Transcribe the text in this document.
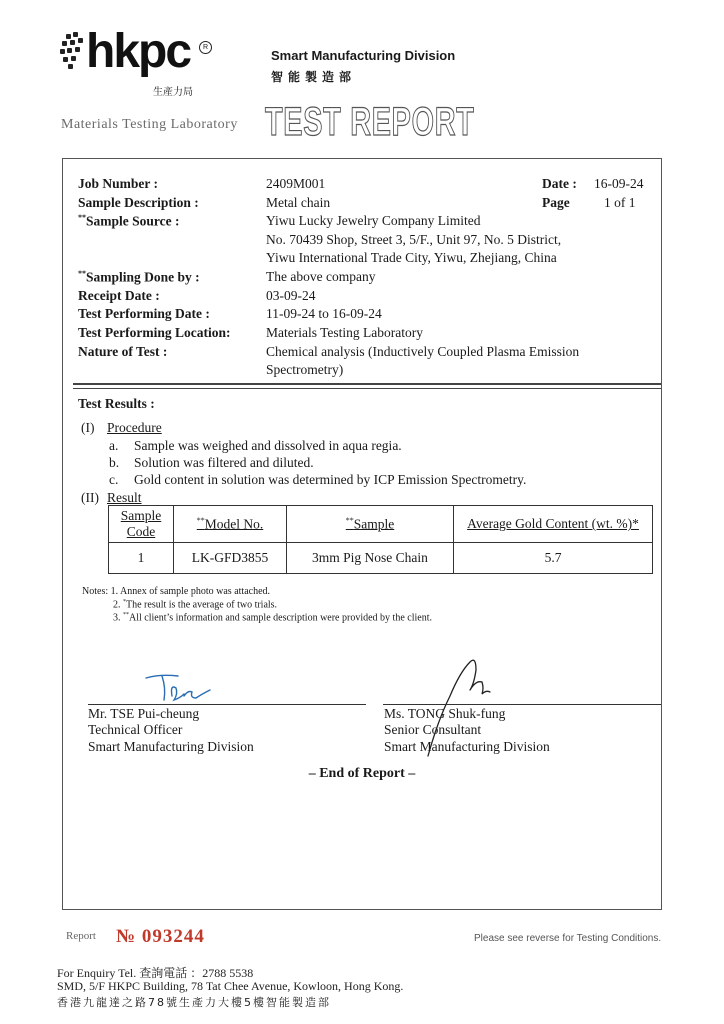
hkpc	R
生產力局
Smart Manufacturing Division
智能製造部
Materials Testing Laboratory TEST REPORT
Job Number :	2409M001	Date : 16-09-24
Page	1 of 1
Sample Description :	Metal chain
**Sample Source :	Yiwu Lucky Jewelry Company Limited
No. 70439 Shop, Street 3, 5/F., Unit 97, No. 5 District,
Yiwu International Trade City, Yiwu, Zhejiang, China
**Sampling Done by :	The above company
Receipt Date :	03-09-24
Test Performing Date :	11-09-24 to 16-09-24
Test Performing Location:	Materials Testing Laboratory
Nature of Test :	Chemical analysis (Inductively Coupled Plasma Emission
Spectrometry)
Test Results :
(I) Procedure
a. Sample was weighed and dissolved in aqua regia.
b. Solution was filtered and diluted.
c. Gold content in solution was determined by ICP Emission Spectrometry.
(II) Result
Sample
Code	**Model No.	**Sample	Average Gold Content (wt. %)*
1	LK-GFD3855	3mm Pig Nose Chain	5.7
Notes: 1. Annex of sample photo was attached.
2. *The result is the average of two trials.
3. **All client’s information and sample description were provided by the client.
Mr. TSE Pui-cheung
Technical Officer
Smart Manufacturing Division
Ms. TONG Shuk-fung
Senior Consultant
Smart Manufacturing Division
– End of Report –
Report № 093244	Please see reverse for Testing Conditions.
For Enquiry Tel. 查詢電話 ：2788 5538
SMD, 5/F HKPC Building, 78 Tat Chee Avenue, Kowloon, Hong Kong.
香港九龍達之路78號生產力大樓5樓智能製造部
